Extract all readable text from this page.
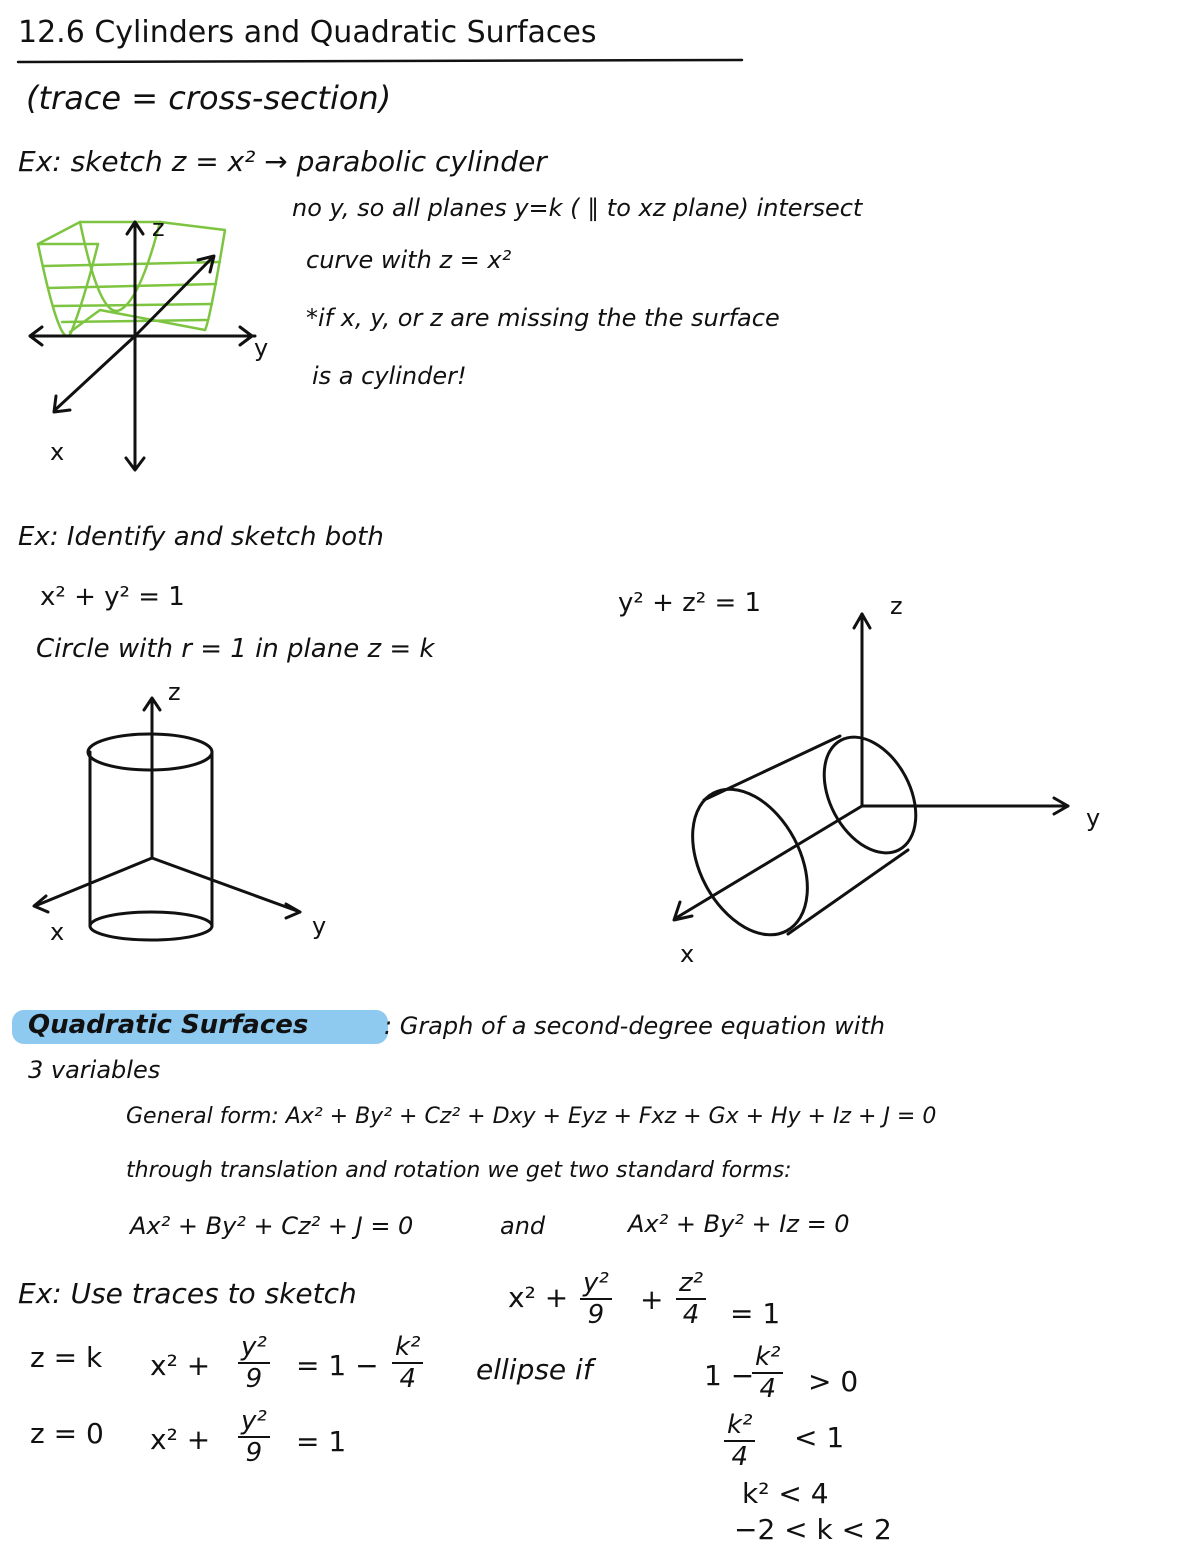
12.6 Cylinders and Quadratic Surfaces
(trace = cross-section)
Ex: sketch z = x² → parabolic cylinder
no y, so all planes y=k ( ∥ to xz plane) intersect
curve with z = x²
*if x, y, or z are missing the the surface
is a cylinder!
z
y
x
Ex: Identify and sketch both
x² + y² = 1
Circle with r = 1 in plane z = k
y² + z² = 1
z
x	y
z
y
x
Quadratic Surfaces	: Graph of a second-degree equation with
3 variables
General form: Ax² + By² + Cz² + Dxy + Eyz + Fxz + Gx + Hy + Iz + J = 0
through translation and rotation we get two standard forms:
Ax² + By² + Cz² + J = 0	and	Ax² + By² + Iz = 0
Ex: Use traces to sketch	$x^2 + \frac{\text{y²}}{9} + \frac{\text{z²}}{4} = 1$
z = k $x^2 + \frac{\text{y²}}{9} = 1 - \frac{\text{k²}}{4}$ ellipse if	1 −
$\frac{\text{k²}}{4} > 0$
z = 0 $x^2 + \frac{\text{y²}}{9} = 1$	$\frac{\text{k²}}{4} < 1$
k² < 4
−2 < k < 2
